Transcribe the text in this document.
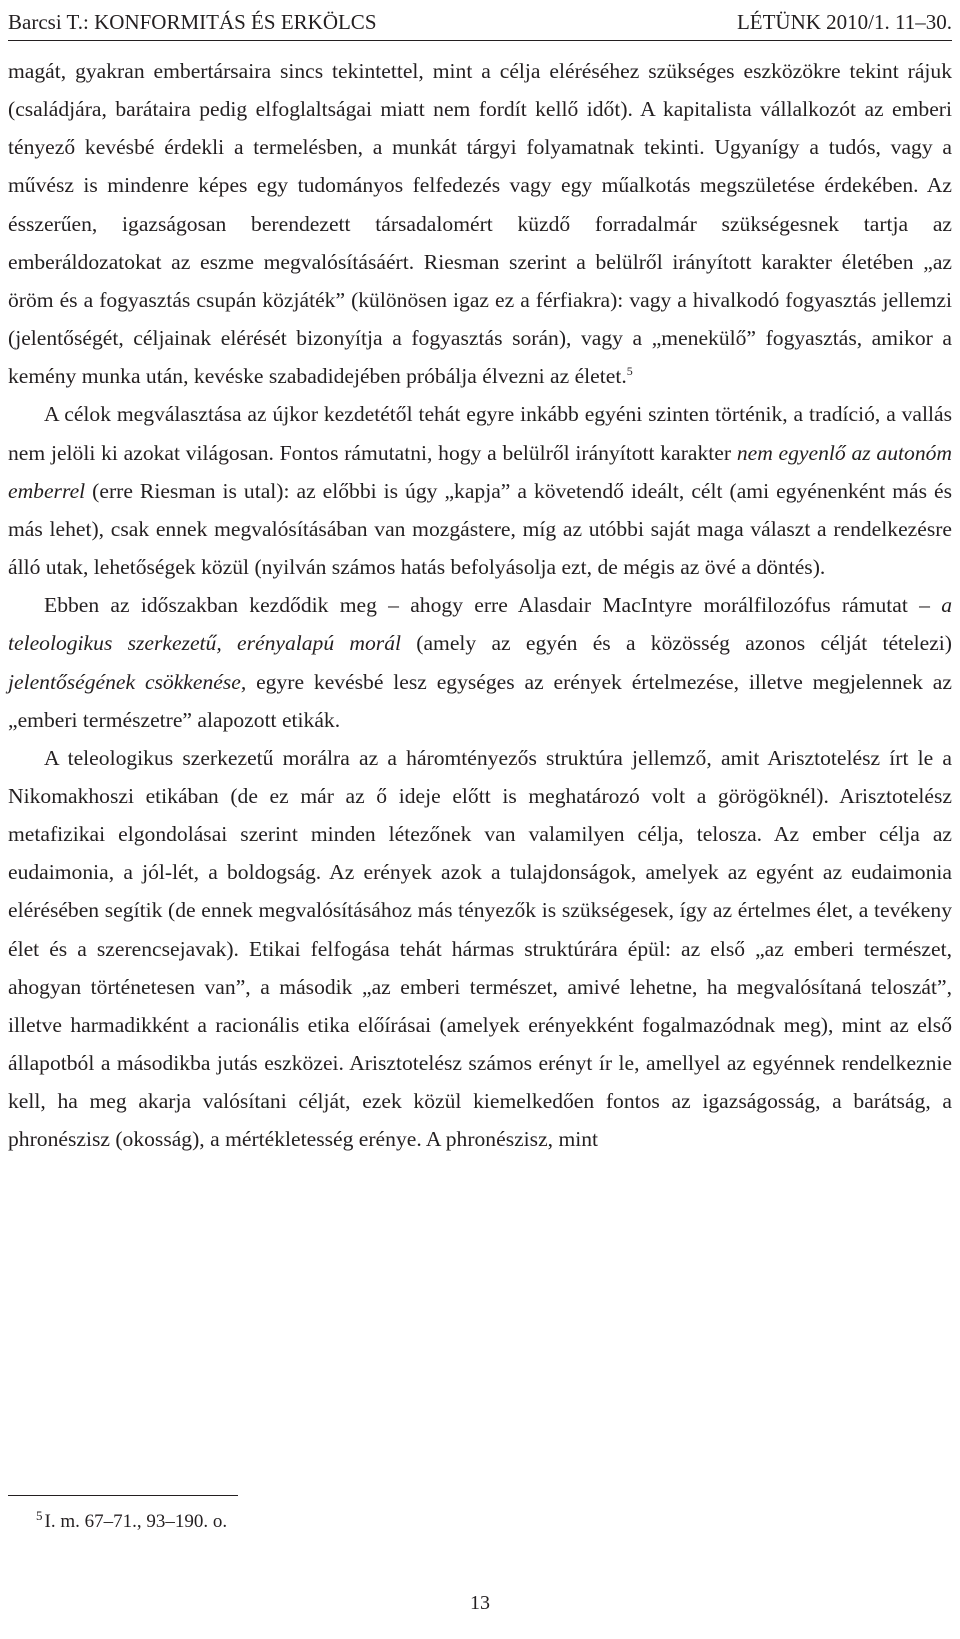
Barcsi T.: KONFORMITÁS ÉS ERKÖLCS	LÉTÜNK 2010/1. 11–30.

magát, gyakran embertársaira sincs tekintettel, mint a célja eléréséhez szükséges eszközökre tekint rájuk (családjára, barátaira pedig elfoglaltságai miatt nem fordít kellő időt). A kapitalista vállalkozót az emberi tényező kevésbé érdekli a termelésben, a munkát tárgyi folyamatnak tekinti. Ugyanígy a tudós, vagy a művész is mindenre képes egy tudományos felfedezés vagy egy műalkotás megszületése érdekében. Az ésszerűen, igazságosan berendezett társadalomért küzdő forradalmár szükségesnek tartja az emberáldozatokat az eszme megvalósításáért. Riesman szerint a belülről irányított karakter életében „az öröm és a fogyasztás csupán közjáték” (különösen igaz ez a férfiakra): vagy a hivalkodó fogyasztás jellemzi (jelentőségét, céljainak elérését bizonyítja a fogyasztás során), vagy a „menekülő” fogyasztás, amikor a kemény munka után, kevéske szabadidejében próbálja élvezni az életet.$^5$

A célok megválasztása az újkor kezdetétől tehát egyre inkább egyéni szinten történik, a tradíció, a vallás nem jelöli ki azokat világosan. Fontos rámutatni, hogy a belülről irányított karakter nem egyenlő az autonóm emberrel (erre Riesman is utal): az előbbi is úgy „kapja” a követendő ideált, célt (ami egyénenként más és más lehet), csak ennek megvalósításában van mozgástere, míg az utóbbi saját maga választ a rendelkezésre álló utak, lehetőségek közül (nyilván számos hatás befolyásolja ezt, de mégis az övé a döntés).

Ebben az időszakban kezdődik meg – ahogy erre Alasdair MacIntyre morálfilozófus rámutat – a teleologikus szerkezetű, erényalapú morál (amely az egyén és a közösség azonos célját tételezi) jelentőségének csökkenése, egyre kevésbé lesz egységes az erények értelmezése, illetve megjelennek az „emberi természetre” alapozott etikák.

A teleologikus szerkezetű morálra az a háromtényezős struktúra jellemző, amit Arisztotelész írt le a Nikomakhoszi etikában (de ez már az ő ideje előtt is meghatározó volt a görögöknél). Arisztotelész metafizikai elgondolásai szerint minden létezőnek van valamilyen célja, telosza. Az ember célja az eudaimonia, a jól-lét, a boldogság. Az erények azok a tulajdonságok, amelyek az egyént az eudaimonia elérésében segítik (de ennek megvalósításához más tényezők is szükségesek, így az értelmes élet, a tevékeny élet és a szerencsejavak). Etikai felfogása tehát hármas struktúrára épül: az első „az emberi természet, ahogyan történetesen van”, a második „az emberi természet, amivé lehetne, ha megvalósítaná teloszát”, illetve harmadikként a racionális etika előírásai (amelyek erényekként fogalmazódnak meg), mint az első állapotból a másodikba jutás eszközei. Arisztotelész számos erényt ír le, amellyel az egyénnek rendelkeznie kell, ha meg akarja valósítani célját, ezek közül kiemelkedően fontos az igazságosság, a barátság, a phronészisz (okosság), a mértékletesség erénye. A phronészisz, mint

$^5$ I. m. 67–71., 93–190. o.
13
